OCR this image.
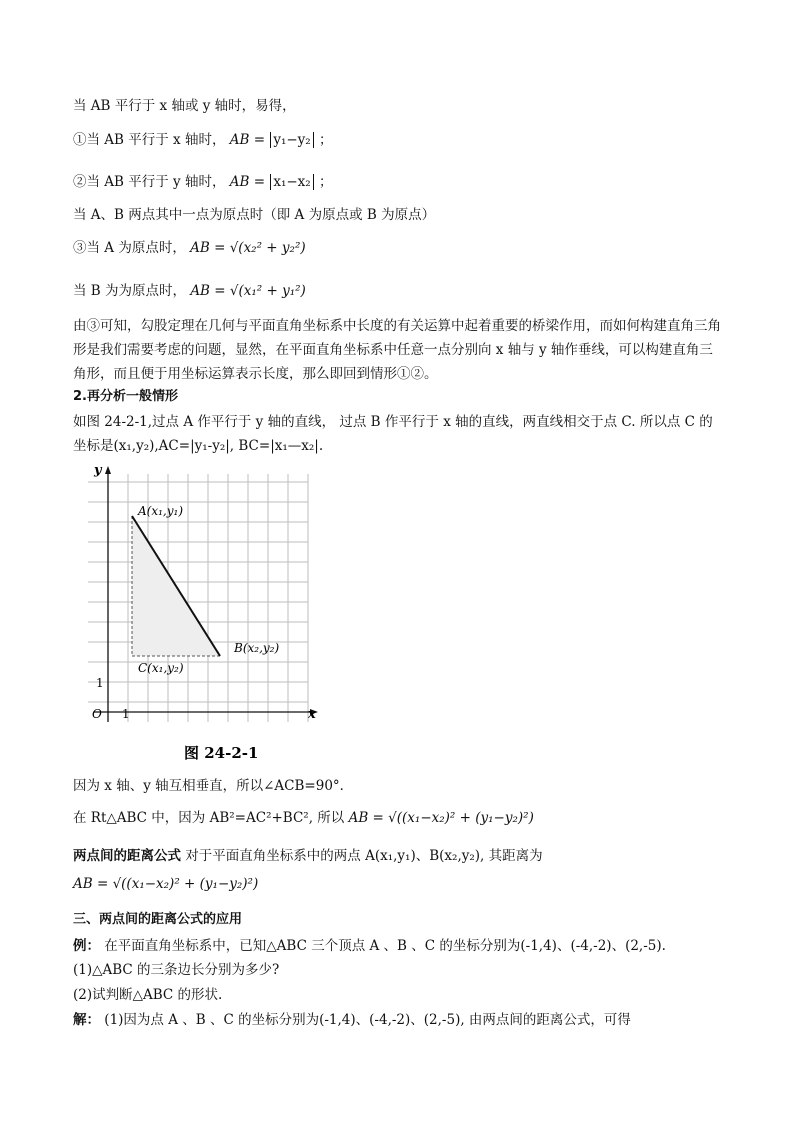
当 AB 平行于 x 轴或 y 轴时，易得，
①当 AB 平行于 x 轴时， AB = y₁−y₂ ；
②当 AB 平行于 y 轴时， AB = x₁−x₂ ；
当 A、B 两点其中一点为原点时（即 A 为原点或 B 为原点）
③当 A 为原点时， AB = √(x₂² + y₂²)
当 B 为为原点时， AB = √(x₁² + y₁²)
由③可知，勾股定理在几何与平面直角坐标系中长度的有关运算中起着重要的桥梁作用，而如何构建直角三角形是我们需要考虑的问题，显然，在平面直角坐标系中任意一点分别向 x 轴与 y 轴作垂线，可以构建直角三角形，而且便于用坐标运算表示长度，那么即回到情形①②。
2.再分析一般情形
如图 24-2-1,过点 A 作平行于 y 轴的直线， 过点 B 作平行于 x 轴的直线，两直线相交于点 C. 所以点 C 的坐标是(x₁,y₂),AC=|y₁-y₂|, BC=|x₁—x₂|.
y
x
O 1
1
A(x₁,y₁)
B(x₂,y₂)
C(x₁,y₂)
图 24-2-1
因为 x 轴、y 轴互相垂直，所以∠ACB=90°．
在 Rt△ABC 中，因为 AB²=AC²+BC², 所以 AB = √((x₁−x₂)² + (y₁−y₂)²)
两点间的距离公式 对于平面直角坐标系中的两点 A(x₁,y₁)、B(x₂,y₂), 其距离为
AB = √((x₁−x₂)² + (y₁−y₂)²)
三、两点间的距离公式的应用
例： 在平面直角坐标系中，已知△ABC 三个顶点 A 、B 、C 的坐标分别为(-1,4)、(-4,-2)、(2,-5).
(1)△ABC 的三条边长分别为多少?
(2)试判断△ABC 的形状.
解： (1)因为点 A 、B 、C 的坐标分别为(-1,4)、(-4,-2)、(2,-5), 由两点间的距离公式，可得
